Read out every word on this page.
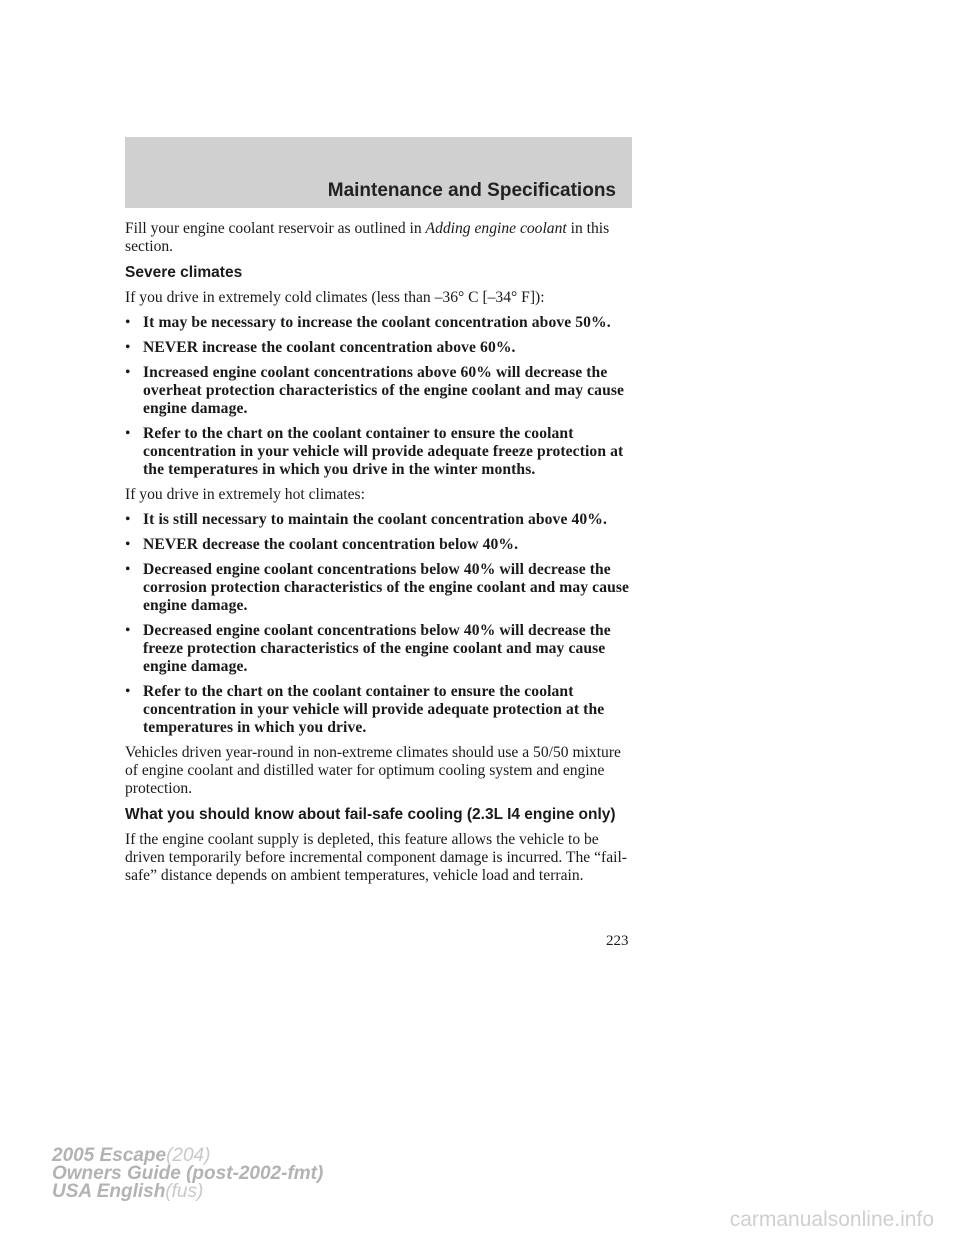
Maintenance and Specifications

Fill your engine coolant reservoir as outlined in Adding engine coolant in this section.

Severe climates

If you drive in extremely cold climates (less than –36° C [–34° F]):

• It may be necessary to increase the coolant concentration above 50%.
• NEVER increase the coolant concentration above 60%.
• Increased engine coolant concentrations above 60% will decrease the overheat protection characteristics of the engine coolant and may cause engine damage.
• Refer to the chart on the coolant container to ensure the coolant concentration in your vehicle will provide adequate freeze protection at the temperatures in which you drive in the winter months.

If you drive in extremely hot climates:

• It is still necessary to maintain the coolant concentration above 40%.
• NEVER decrease the coolant concentration below 40%.
• Decreased engine coolant concentrations below 40% will decrease the corrosion protection characteristics of the engine coolant and may cause engine damage.
• Decreased engine coolant concentrations below 40% will decrease the freeze protection characteristics of the engine coolant and may cause engine damage.
• Refer to the chart on the coolant container to ensure the coolant concentration in your vehicle will provide adequate protection at the temperatures in which you drive.

Vehicles driven year-round in non-extreme climates should use a 50/50 mixture of engine coolant and distilled water for optimum cooling system and engine protection.

What you should know about fail-safe cooling (2.3L I4 engine only)

If the engine coolant supply is depleted, this feature allows the vehicle to be driven temporarily before incremental component damage is incurred. The “fail-safe” distance depends on ambient temperatures, vehicle load and terrain.

223
2005 Escape(204)
Owners Guide (post-2002-fmt)
USA English(fus)
carmanualsonline.info
